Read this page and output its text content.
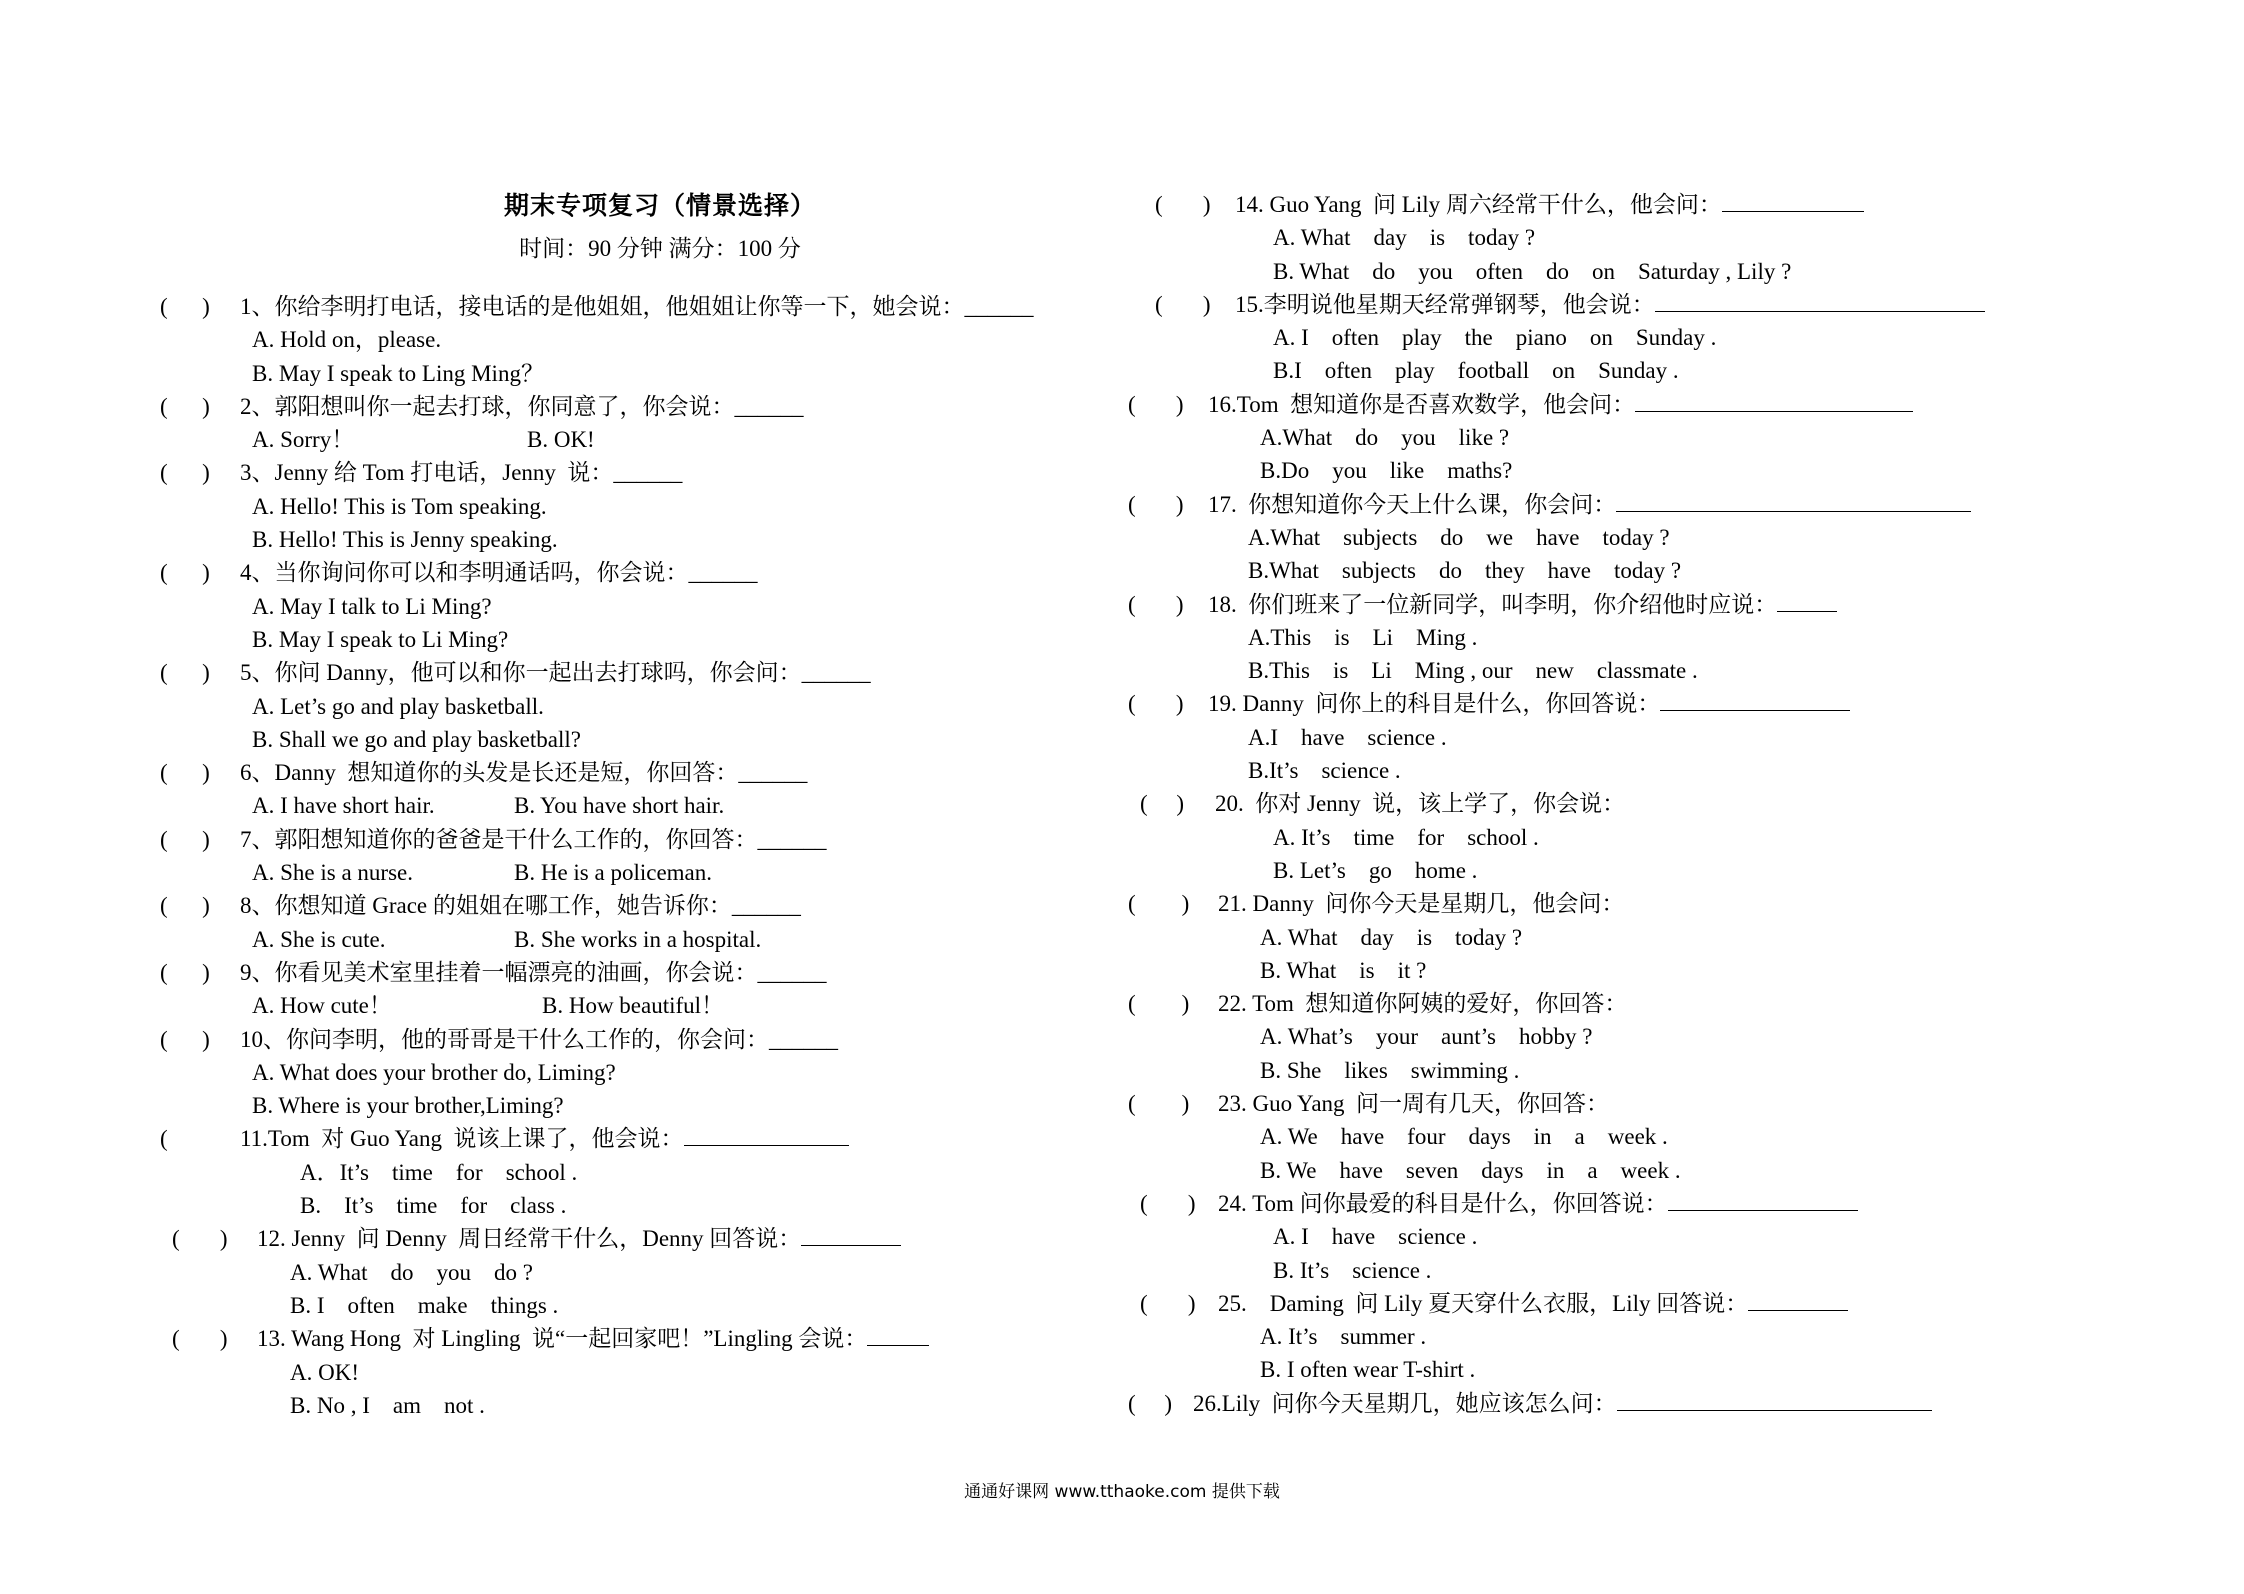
期末专项复习（情景选择）
时间：90 分钟 满分：100 分
( ) 1、你给李明打电话，接电话的是他姐姐，他姐姐让你等一下，她会说：______
A. Hold on，please.
B. May I speak to Ling Ming？
( ) 2、郭阳想叫你一起去打球，你同意了，你会说：______
A. Sorry！	B. OK!
( ) 3、Jenny 给 Tom 打电话，Jenny  说：______
A. Hello! This is Tom speaking.
B. Hello! This is Jenny speaking.
( ) 4、当你询问你可以和李明通话吗，你会说：______
A. May I talk to Li Ming?
B. May I speak to Li Ming?
( ) 5、你问 Danny，他可以和你一起出去打球吗，你会问：______
A. Let’s go and play basketball.
B. Shall we go and play basketball?
( ) 6、Danny  想知道你的头发是长还是短，你回答：______
A. I have short hair.	B. You have short hair.
( ) 7、郭阳想知道你的爸爸是干什么工作的，你回答：______
A. She is a nurse.	B. He is a policeman.
( ) 8、你想知道 Grace 的姐姐在哪工作，她告诉你：______
A. She is cute.	B. She works in a hospital.
( ) 9、你看见美术室里挂着一幅漂亮的油画，你会说：______
A. How cute！	B. How beautiful！
( ) 10、你问李明，他的哥哥是干什么工作的，你会问：______
A. What does your brother do, Liming?
B. Where is your brother,Liming?
(	11.Tom  对 Guo Yang  说该上课了，他会说：
A．It’s    time    for    school .
B.    It’s    time    for    class .
( ) 12. Jenny  问 Denny  周日经常干什么，Denny 回答说：
A. What    do    you    do ?
B. I    often    make    things .
( ) 13. Wang Hong  对 Lingling  说“一起回家吧！”Lingling 会说：
A. OK!
B. No , I    am    not .
( ) 14. Guo Yang  问 Lily 周六经常干什么，他会问：
A. What    day    is    today ?
B. What    do    you    often    do    on    Saturday , Lily ?
( ) 15.李明说他星期天经常弹钢琴，他会说：
A. I    often    play    the    piano    on    Sunday .
B.I    often    play    football    on    Sunday .
( ) 16.Tom  想知道你是否喜欢数学，他会问：
A.What    do    you    like ?
B.Do    you    like    maths?
( ) 17.  你想知道你今天上什么课，你会问：
A.What    subjects    do    we    have    today ?
B.What    subjects    do    they    have    today ?
( ) 18.  你们班来了一位新同学，叫李明，你介绍他时应说：
A.This    is    Li    Ming .
B.This    is    Li    Ming , our    new    classmate .
( ) 19. Danny  问你上的科目是什么，你回答说：
A.I    have    science .
B.It’s    science .
( ) 20.  你对 Jenny  说，该上学了，你会说：
A. It’s    time    for    school .
B. Let’s    go    home .
( ) 21. Danny  问你今天是星期几，他会问：
A. What    day    is    today ?
B. What    is    it ?
( ) 22. Tom  想知道你阿姨的爱好，你回答：
A. What’s    your    aunt’s    hobby ?
B. She    likes    swimming .
( ) 23. Guo Yang  问一周有几天，你回答：
A. We    have    four    days    in    a    week .
B. We    have    seven    days    in    a    week .
( ) 24. Tom 问你最爱的科目是什么，你回答说：
A. I    have    science .
B. It’s    science .
( ) 25.    Daming  问 Lily 夏天穿什么衣服，Lily 回答说：
A. It’s    summer .
B. I often wear T-shirt .
( ) 26.Lily  问你今天星期几，她应该怎么问：
通通好课网 www.tthaoke.com 提供下载
